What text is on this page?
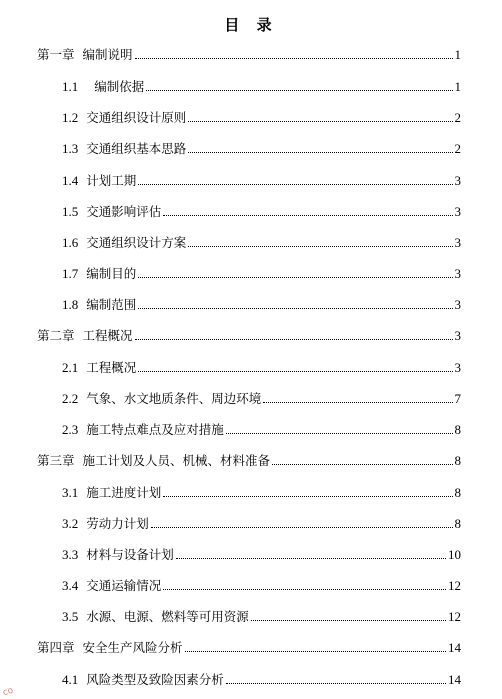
目 录
第一章 编制说明	1
1.1 编制依据	1
1.2 交通组织设计原则	2
1.3 交通组织基本思路	2
1.4 计划工期	3
1.5 交通影响评估	3
1.6 交通组织设计方案	3
1.7 编制目的	3
1.8 编制范围	3
第二章 工程概况	3
2.1 工程概况	3
2.2 气象、水文地质条件、周边环境	7
2.3 施工特点难点及应对措施	8
第三章 施工计划及人员、机械、材料准备	8
3.1 施工进度计划	8
3.2 劳动力计划	8
3.3 材料与设备计划	10
3.4 交通运输情况	12
3.5 水源、电源、燃料等可用资源	12
第四章 安全生产风险分析	14
4.1 风险类型及致险因素分析	14
co
